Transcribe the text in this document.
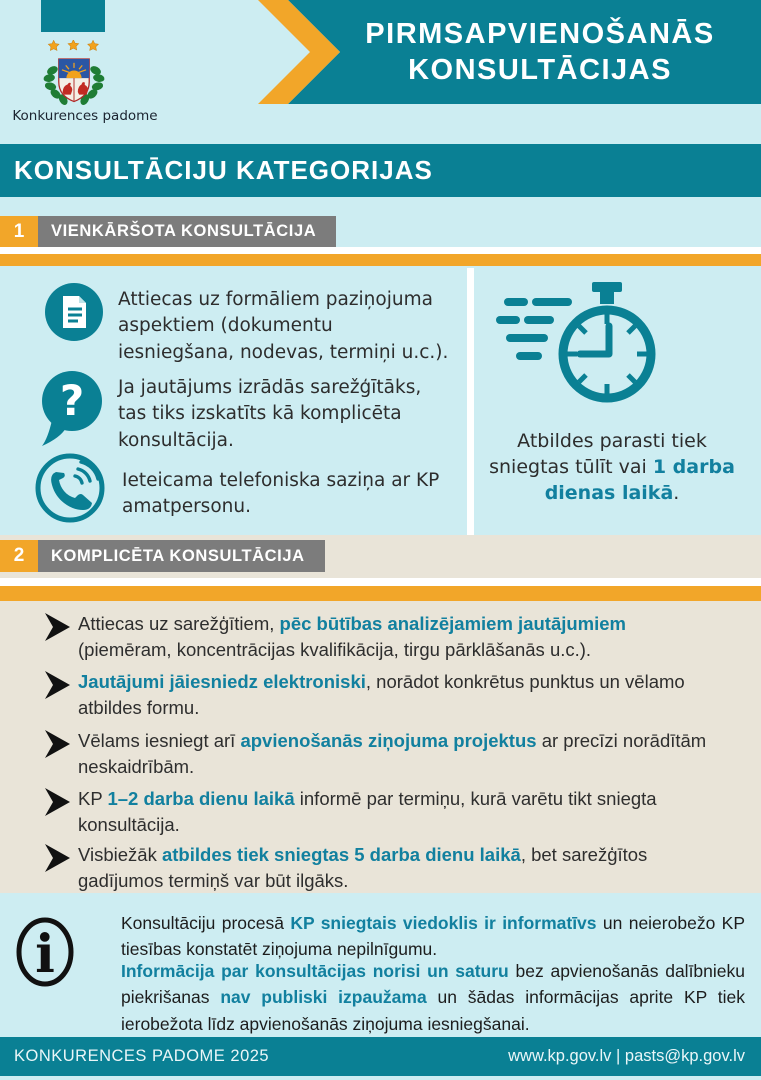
Konkurences padome
PIRMSAPVIENOŠANĀS
KONSULTĀCIJAS
KONSULTĀCIJU KATEGORIJAS
1	VIENKĀRŠOTA KONSULTĀCIJA
Attiecas uz formāliem paziņojuma aspektiem (dokumentu iesniegšana, nodevas, termiņi u.c.).
? Ja jautājums izrādās sarežģītāks, tas tiks izskatīts kā komplicēta konsultācija.
Ieteicama telefoniska saziņa ar KP amatpersonu.
Atbildes parasti tiek sniegtas tūlīt vai 1 darba dienas laikā.
2	KOMPLICĒTA KONSULTĀCIJA
Attiecas uz sarežģītiem, pēc būtības analizējamiem jautājumiem (piemēram, koncentrācijas kvalifikācija, tirgu pārklāšanās u.c.).
Jautājumi jāiesniedz elektroniski, norādot konkrētus punktus un vēlamo atbildes formu.
Vēlams iesniegt arī apvienošanās ziņojuma projektus ar precīzi norādītām neskaidrībām.
KP 1–2 darba dienu laikā informē par termiņu, kurā varētu tikt sniegta konsultācija.
Visbiežāk atbildes tiek sniegtas 5 darba dienu laikā, bet sarežģītos gadījumos termiņš var būt ilgāks.
i
Konsultāciju procesā KP sniegtais viedoklis ir informatīvs un neierobežo KP tiesības konstatēt ziņojuma nepilnīgumu.
Informācija par konsultācijas norisi un saturu bez apvienošanās dalībnieku piekrišanas nav publiski izpaužama un šādas informācijas aprite KP tiek ierobežota līdz apvienošanās ziņojuma iesniegšanai.
KONKURENCES PADOME 2025	www.kp.gov.lv | pasts@kp.gov.lv
